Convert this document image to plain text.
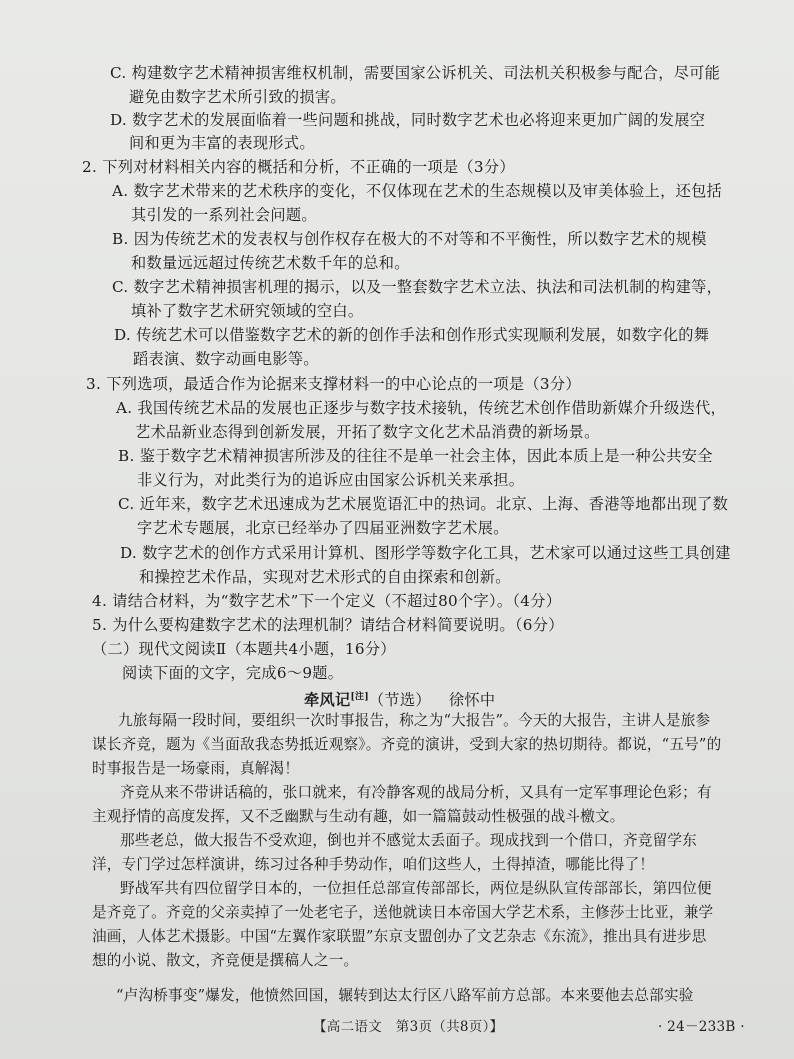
C. 构建数字艺术精神损害维权机制，需要国家公诉机关、司法机关积极参与配合，尽可能
避免由数字艺术所引致的损害。
D. 数字艺术的发展面临着一些问题和挑战，同时数字艺术也必将迎来更加广阔的发展空
间和更为丰富的表现形式。
2. 下列对材料相关内容的概括和分析，不正确的一项是（3分）
A. 数字艺术带来的艺术秩序的变化，不仅体现在艺术的生态规模以及审美体验上，还包括
其引发的一系列社会问题。
B. 因为传统艺术的发表权与创作权存在极大的不对等和不平衡性，所以数字艺术的规模
和数量远远超过传统艺术数千年的总和。
C. 数字艺术精神损害机理的揭示，以及一整套数字艺术立法、执法和司法机制的构建等，
填补了数字艺术研究领域的空白。
D. 传统艺术可以借鉴数字艺术的新的创作手法和创作形式实现顺利发展，如数字化的舞
蹈表演、数字动画电影等。
3. 下列选项，最适合作为论据来支撑材料一的中心论点的一项是（3分）
A. 我国传统艺术品的发展也正逐步与数字技术接轨，传统艺术创作借助新媒介升级迭代，
艺术品新业态得到创新发展，开拓了数字文化艺术品消费的新场景。
B. 鉴于数字艺术精神损害所涉及的往往不是单一社会主体，因此本质上是一种公共安全
非义行为，对此类行为的追诉应由国家公诉机关来承担。
C. 近年来，数字艺术迅速成为艺术展览语汇中的热词。北京、上海、香港等地都出现了数
字艺术专题展，北京已经举办了四届亚洲数字艺术展。
D. 数字艺术的创作方式采用计算机、图形学等数字化工具，艺术家可以通过这些工具创建
和操控艺术作品，实现对艺术形式的自由探索和创新。
4. 请结合材料，为“数字艺术”下一个定义（不超过80个字）。（4分）
5. 为什么要构建数字艺术的法理机制？请结合材料简要说明。（6分）
（二）现代文阅读Ⅱ（本题共4小题，16分）
阅读下面的文字，完成6～9题。
牵风记[注]（节选） 徐怀中
九旅每隔一段时间，要组织一次时事报告，称之为“大报告”。今天的大报告，主讲人是旅参
谋长齐竞，题为《当面敌我态势抵近观察》。齐竞的演讲，受到大家的热切期待。都说，“五号”的
时事报告是一场豪雨，真解渴！
齐竞从来不带讲话稿的，张口就来，有冷静客观的战局分析，又具有一定军事理论色彩；有
主观抒情的高度发挥，又不乏幽默与生动有趣，如一篇篇鼓动性极强的战斗檄文。
那些老总，做大报告不受欢迎，倒也并不感觉太丢面子。现成找到一个借口，齐竞留学东
洋，专门学过怎样演讲，练习过各种手势动作，咱们这些人，土得掉渣，哪能比得了！
野战军共有四位留学日本的，一位担任总部宣传部部长，两位是纵队宣传部部长，第四位便
是齐竞了。齐竞的父亲卖掉了一处老宅子，送他就读日本帝国大学艺术系，主修莎士比亚，兼学
油画，人体艺术摄影。中国“左翼作家联盟”东京支盟创办了文艺杂志《东流》，推出具有进步思
想的小说、散文，齐竞便是撰稿人之一。
“卢沟桥事变”爆发，他愤然回国，辗转到达太行区八路军前方总部。本来要他去总部实验
【高二语文　第3页（共8页）】	· 24－233B ·
